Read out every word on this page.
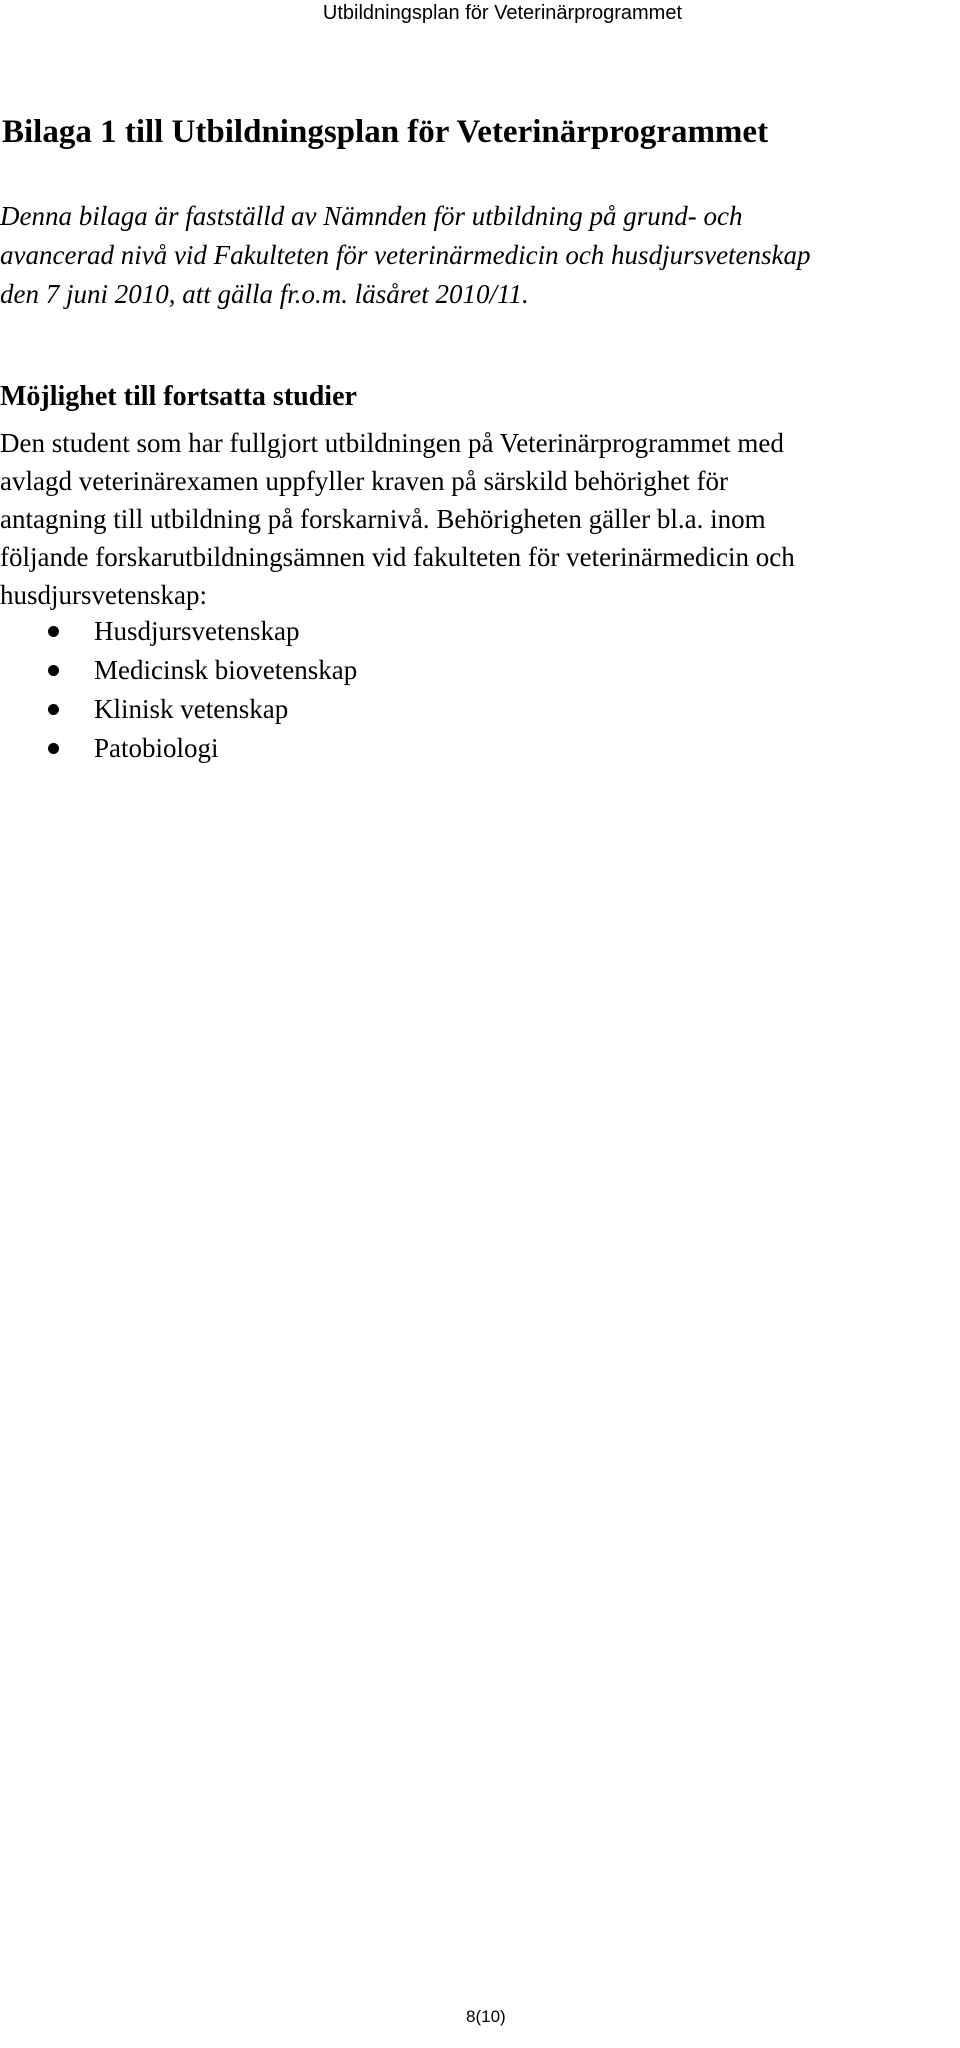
Utbildningsplan för Veterinärprogrammet
Bilaga 1 till Utbildningsplan för Veterinärprogrammet

Denna bilaga är fastställd av Nämnden för utbildning på grund- och
avancerad nivå vid Fakulteten för veterinärmedicin och husdjursvetenskap
den 7 juni 2010, att gälla fr.o.m. läsåret 2010/11.

Möjlighet till fortsatta studier

Den student som har fullgjort utbildningen på Veterinärprogrammet med
avlagd veterinärexamen uppfyller kraven på särskild behörighet för
antagning till utbildning på forskarnivå. Behörigheten gäller bl.a. inom
följande forskarutbildningsämnen vid fakulteten för veterinärmedicin och
husdjursvetenskap:

Husdjursvetenskap
Medicinsk biovetenskap
Klinisk vetenskap
Patobiologi
8(10)
